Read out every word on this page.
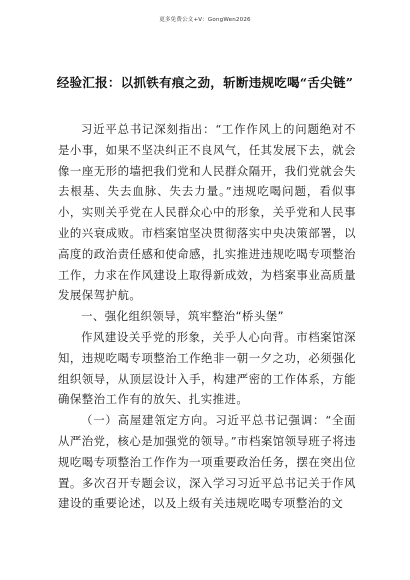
更多免费公文+V：GongWen2026
经验汇报：以抓铁有痕之劲，斩断违规吃喝“舌尖链”

习近平总书记深刻指出：“工作作风上的问题绝对不是小事，如果不坚决纠正不良风气，任其发展下去，就会像一座无形的墙把我们党和人民群众隔开，我们党就会失去根基、失去血脉、失去力量。”违规吃喝问题，看似事小，实则关乎党在人民群众心中的形象，关乎党和人民事业的兴衰成败。市档案馆坚决贯彻落实中央决策部署，以高度的政治责任感和使命感，扎实推进违规吃喝专项整治工作，力求在作风建设上取得新成效，为档案事业高质量发展保驾护航。

一、强化组织领导，筑牢整治“桥头堡”

作风建设关乎党的形象，关乎人心向背。市档案馆深知，违规吃喝专项整治工作绝非一朝一夕之功，必须强化组织领导，从顶层设计入手，构建严密的工作体系，方能确保整治工作有的放矢、扎实推进。

（一）高屋建瓴定方向。习近平总书记强调：“全面从严治党，核心是加强党的领导。”市档案馆领导班子将违规吃喝专项整治工作作为一项重要政治任务，摆在突出位置。多次召开专题会议，深入学习习近平总书记关于作风建设的重要论述，以及上级有关违规吃喝专项整治的文
